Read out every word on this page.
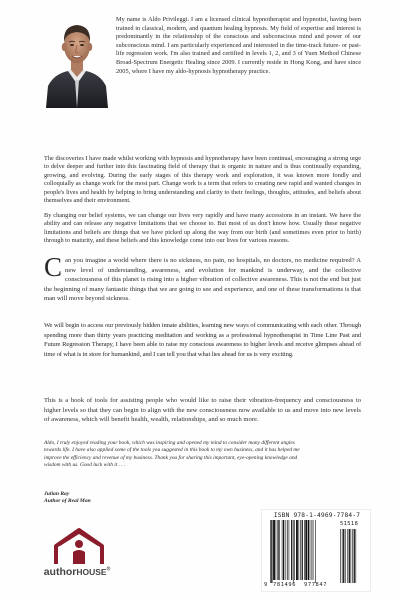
My name is Aldo Privileggi. I am a licensed clinical hypnotherapist and hypnotist, having been trained in classical, modern, and quantum healing hypnosis. My field of expertise and interest is predominantly in the relationship of the conscious and subconscious mind and power of our subconscious mind. I am particularly experienced and interested in the time-track future- or past-life regression work. I'm also trained and certified in levels 1, 2, and 3 of Yuen Method Chinese Broad-Spectrum Energetic Healing since 2009. I currently reside in Hong Kong, and have since 2005, where I have my aldo-hypnosis hypnotherapy practice.

The discoveries I have made whilst working with hypnosis and hypnotherapy have been continual, encouraging a strong urge to delve deeper and further into this fascinating field of therapy that is organic in nature and is thus continually expanding, growing, and evolving. During the early stages of this therapy work and exploration, it was known more fondly and colloquially as change work for the most part. Change work is a term that refers to creating new rapid and wanted changes in people's lives and health by helping to bring understanding and clarity to their feelings, thoughts, attitudes, and beliefs about themselves and their environment.

By changing our belief systems, we can change our lives very rapidly and have many accessions in an instant. We have the ability and can release any negative limitations that we choose to. But most of us don't know how. Usually these negative limitations and beliefs are things that we have picked up along the way from our birth (and sometimes even prior to birth) through to maturity, and these beliefs and this knowledge come into our lives for various reasons.

Can you imagine a world where there is no sickness, no pain, no hospitals, no doctors, no medicine required? A new level of understanding, awareness, and evolution for mankind is underway, and the collective consciousness of this planet is rising into a higher vibration of collective awareness. This is not the end but just the beginning of many fantastic things that we are going to see and experience, and one of these transformations is that man will move beyond sickness.

We will begin to access our previously hidden innate abilities, learning new ways of communicating with each other. Through spending more than thirty years practicing meditation and working as a professional hypnotherapist in Time Line Past and Future Regression Therapy, I have been able to raise my conscious awareness to higher levels and receive glimpses ahead of time of what is in store for humankind, and I can tell you that what lies ahead for us is very exciting.

This is a book of tools for assisting people who would like to raise their vibration-frequency and consciousness to higher levels so that they can begin to align with the new consciousness now available to us and move into new levels of awareness, which will benefit health, wealth, relationships, and so much more.

Aldo, I truly enjoyed reading your book, which was inspiring and opened my mind to consider many different angles towards life. I have also applied some of the tools you suggested in this book to my own business, and it has helped me improve the efficiency and revenue of my business. Thank you for sharing this important, eye-opening knowledge and wisdom with us. Good luck with it . . .

Julian Ray
Author of Real Man
authorHOUSE®
ISBN 978-1-4969-7784-7
51518
9 781496 977847
